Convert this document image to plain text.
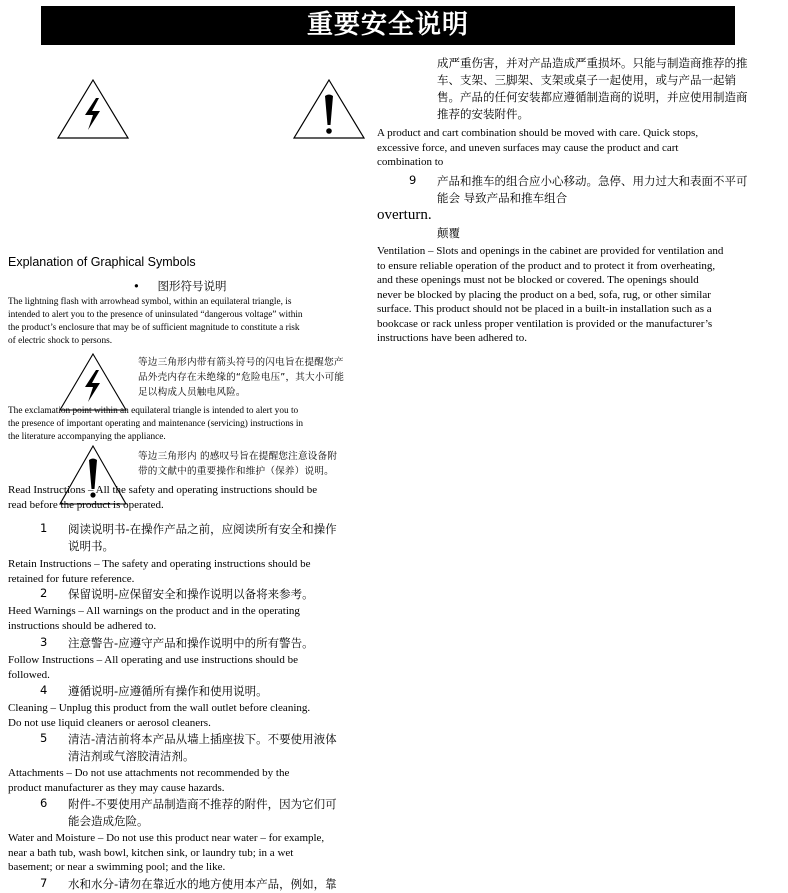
重要安全说明
Explanation of Graphical Symbols
• 图形符号说明
The lightning flash with arrowhead symbol, within an equilateral triangle, is
intended to alert you to the presence of uninsulated “dangerous voltage” within
the product’s enclosure that may be of sufficient magnitude to constitute a risk
of electric shock to persons.
等边三角形内带有箭头符号的闪电旨在提醒您产
品外壳内存在未绝缘的“危险电压”，其大小可能
足以构成人员触电风险。
The exclamation point within an equilateral triangle is intended to alert you to
the presence of important operating and maintenance (servicing) instructions in
the literature accompanying the appliance.
等边三角形内 的感叹号旨在提醒您注意设备附
带的文献中的重要操作和维护（保养）说明。
Read Instructions – All the safety and operating instructions should be
read before the product is operated.
1 阅读说明书-在操作产品之前，应阅读所有安全和操作
说明书。
Retain Instructions – The safety and operating instructions should be
retained for future reference.
2 保留说明-应保留安全和操作说明以备将来参考。
Heed Warnings – All warnings on the product and in the operating
instructions should be adhered to.
3 注意警告-应遵守产品和操作说明中的所有警告。
Follow Instructions – All operating and use instructions should be
followed.
4 遵循说明-应遵循所有操作和使用说明。
Cleaning – Unplug this product from the wall outlet before cleaning.
Do not use liquid cleaners or aerosol cleaners.
5 清洁-清洁前将本产品从墙上插座拔下。不要使用液体
清洁剂或气溶胶清洁剂。
Attachments – Do not use attachments not recommended by the
product manufacturer as they may cause hazards.
6 附件-不要使用产品制造商不推荐的附件，因为它们可
能会造成危险。
Water and Moisture – Do not use this product near water – for example,
near a bath tub, wash bowl, kitchen sink, or laundry tub; in a wet
basement; or near a swimming pool; and the like.
7 水和水分-请勿在靠近水的地方使用本产品，例如，靠
成严重伤害，并对产品造成严重损坏。只能与制造商推荐的推
车、支架、三脚架、支架或桌子一起使用，或与产品一起销
售。产品的任何安装都应遵循制造商的说明，并应使用制造商
推荐的安装附件。
A product and cart combination should be moved with care. Quick stops,
excessive force, and uneven surfaces may cause the product and cart
combination to
9 产品和推车的组合应小心移动。急停、用力过大和表面不平可
能会 导致产品和推车组合
overturn.
颠覆
Ventilation – Slots and openings in the cabinet are provided for ventilation and
to ensure reliable operation of the product and to protect it from overheating,
and these openings must not be blocked or covered. The openings should
never be blocked by placing the product on a bed, sofa, rug, or other similar
surface. This product should not be placed in a built-in installation such as a
bookcase or rack unless proper ventilation is provided or the manufacturer’s
instructions have been adhered to.
